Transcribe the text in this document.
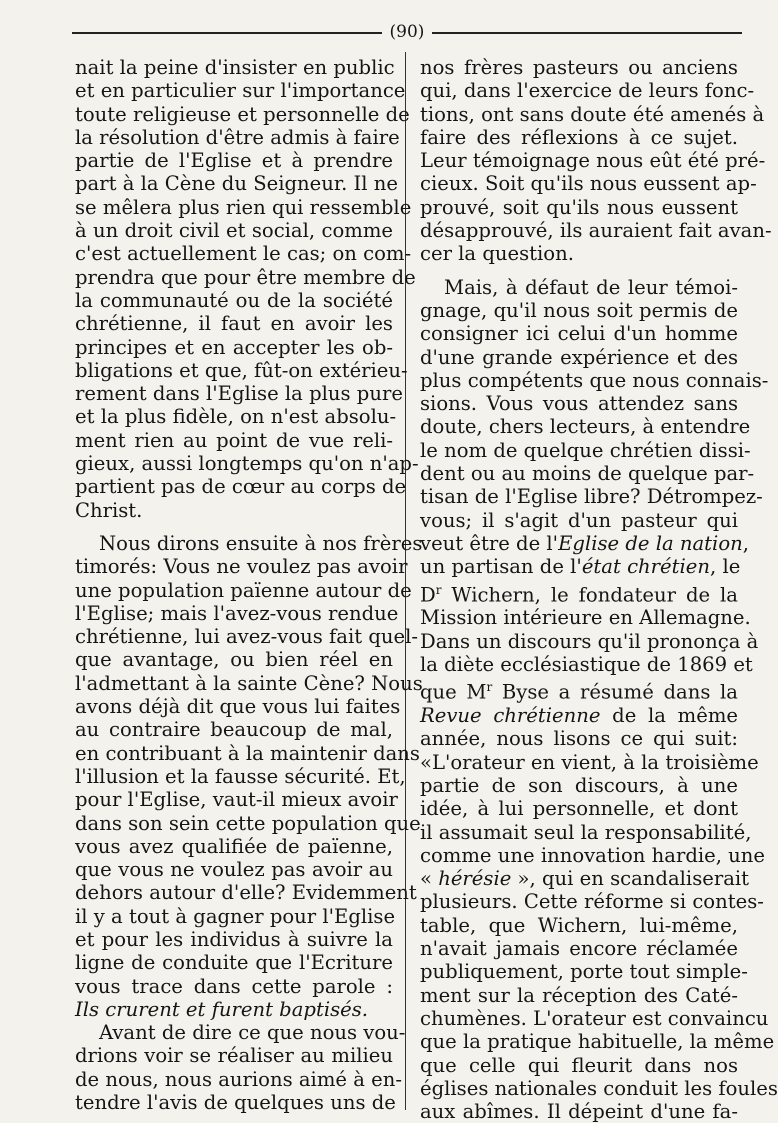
(90)
nait la peine d'insister en public
et en particulier sur l'importance
toute religieuse et personnelle de
la résolution d'être admis à faire
partie de l'Eglise et à prendre
part à la Cène du Seigneur. Il ne
se mêlera plus rien qui ressemble
à un droit civil et social, comme
c'est actuellement le cas; on com-
prendra que pour être membre de
la communauté ou de la société
chrétienne, il faut en avoir les
principes et en accepter les ob-
bligations et que, fût-on extérieu-
rement dans l'Eglise la plus pure
et la plus fidèle, on n'est absolu-
ment rien au point de vue reli-
gieux, aussi longtemps qu'on n'ap-
partient pas de cœur au corps de
Christ.
Nous dirons ensuite à nos frères
timorés: Vous ne voulez pas avoir
une population païenne autour de
l'Eglise; mais l'avez-vous rendue
chrétienne, lui avez-vous fait quel-
que avantage, ou bien réel en
l'admettant à la sainte Cène? Nous
avons déjà dit que vous lui faites
au contraire beaucoup de mal,
en contribuant à la maintenir dans
l'illusion et la fausse sécurité. Et,
pour l'Eglise, vaut-il mieux avoir
dans son sein cette population que
vous avez qualifiée de païenne,
que vous ne voulez pas avoir au
dehors autour d'elle? Evidemment
il y a tout à gagner pour l'Eglise
et pour les individus à suivre la
ligne de conduite que l'Ecriture
vous trace dans cette parole :
Ils crurent et furent baptisés.
Avant de dire ce que nous vou-
drions voir se réaliser au milieu
de nous, nous aurions aimé à en-
tendre l'avis de quelques uns de
nos frères pasteurs ou anciens
qui, dans l'exercice de leurs fonc-
tions, ont sans doute été amenés à
faire des réflexions à ce sujet.
Leur témoignage nous eût été pré-
cieux. Soit qu'ils nous eussent ap-
prouvé, soit qu'ils nous eussent
désapprouvé, ils auraient fait avan-
cer la question.
Mais, à défaut de leur témoi-
gnage, qu'il nous soit permis de
consigner ici celui d'un homme
d'une grande expérience et des
plus compétents que nous connais-
sions. Vous vous attendez sans
doute, chers lecteurs, à entendre
le nom de quelque chrétien dissi-
dent ou au moins de quelque par-
tisan de l'Eglise libre? Détrompez-
vous; il s'agit d'un pasteur qui
veut être de l'Eglise de la nation,
un partisan de l'état chrétien, le
$D^r$ Wichern, le fondateur de la
Mission intérieure en Allemagne.
Dans un discours qu'il prononça à
la diète ecclésiastique de 1869 et
que $M^r$ Byse a résumé dans la
Revue chrétienne de la même
année, nous lisons ce qui suit:
«L'orateur en vient, à la troisième
partie de son discours, à une
idée, à lui personnelle, et dont
il assumait seul la responsabilité,
comme une innovation hardie, une
« hérésie », qui en scandaliserait
plusieurs. Cette réforme si contes-
table, que Wichern, lui-même,
n'avait jamais encore réclamée
publiquement, porte tout simple-
ment sur la réception des Caté-
chumènes. L'orateur est convaincu
que la pratique habituelle, la même
que celle qui fleurit dans nos
églises nationales conduit les foules
aux abîmes. Il dépeint d'une fa-
